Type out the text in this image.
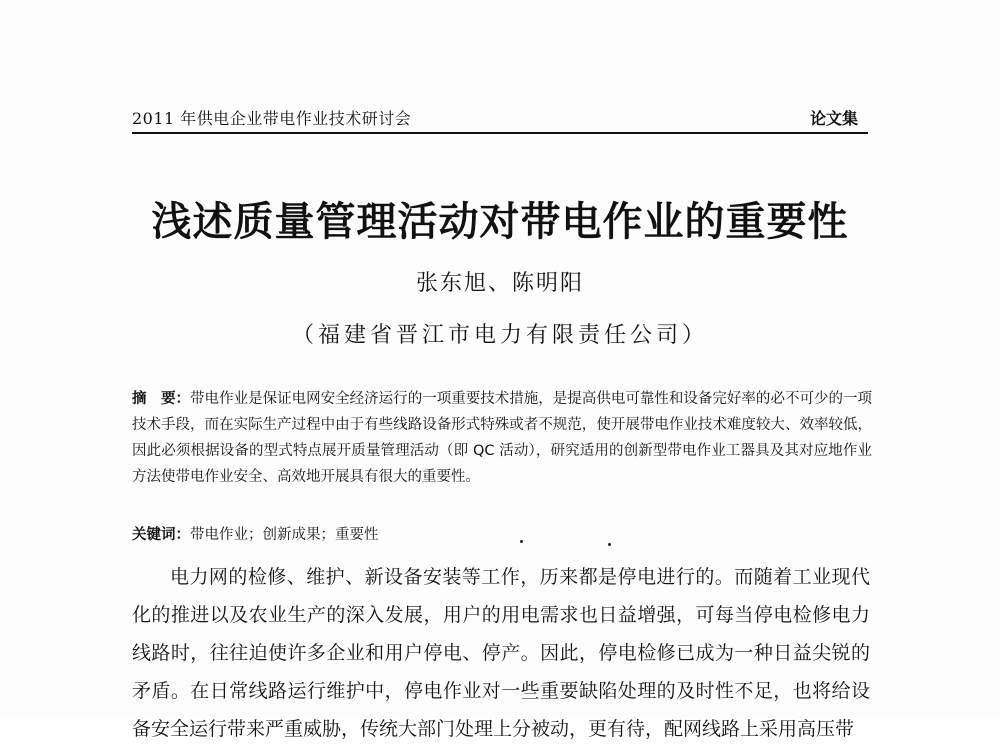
2011 年供电企业带电作业技术研讨会	论文集
浅述质量管理活动对带电作业的重要性
张东旭、陈明阳
（福建省晋江市电力有限责任公司）
摘　要：带电作业是保证电网安全经济运行的一项重要技术措施，是提高供电可靠性和设备完好率的必不可少的一项技术手段，而在实际生产过程中由于有些线路设备形式特殊或者不规范，使开展带电作业技术难度较大、效率较低，因此必须根据设备的型式特点展开质量管理活动（即 QC 活动），研究适用的创新型带电作业工器具及其对应地作业方法使带电作业安全、高效地开展具有很大的重要性。
关键词：带电作业；创新成果；重要性
电力网的检修、维护、新设备安装等工作，历来都是停电进行的。而随着工业现代化的推进以及农业生产的深入发展，用户的用电需求也日益增强，可每当停电检修电力线路时，往往迫使许多企业和用户停电、停产。因此，停电检修已成为一种日益尖锐的矛盾。在日常线路运行维护中，停电作业对一些重要缺陷处理的及时性不足，也将给设备安全运行带来严重威胁，传统大部门处理上分被动，更有待，配网线路上采用高压带
